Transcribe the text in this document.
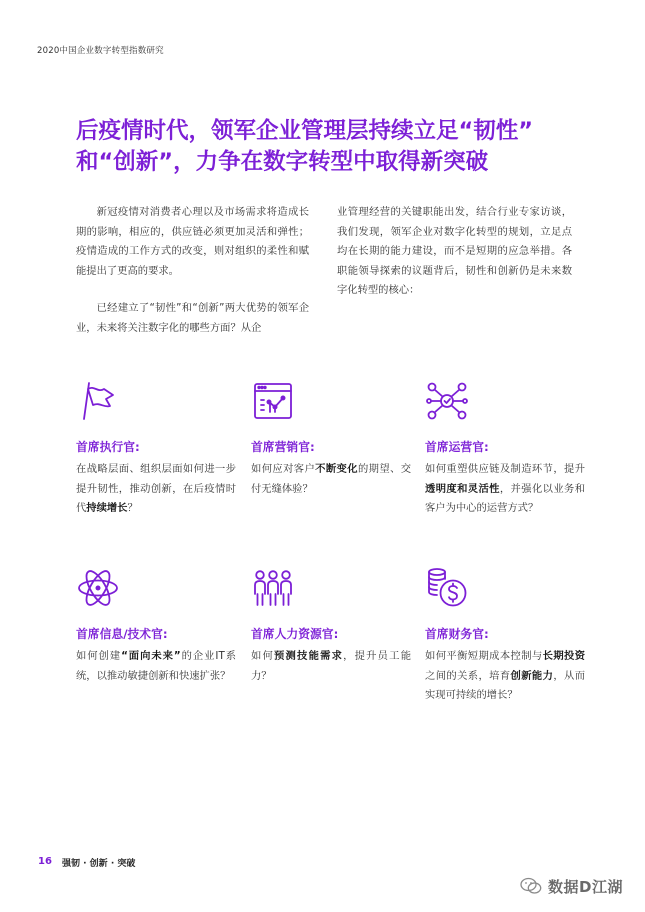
2020中国企业数字转型指数研究
后疫情时代，领军企业管理层持续立足“韧性”
和“创新”，力争在数字转型中取得新突破

新冠疫情对消费者心理以及市场需求将造成长期的影响，相应的，供应链必须更加灵活和弹性；疫情造成的工作方式的改变，则对组织的柔性和赋能提出了更高的要求。

已经建立了“韧性”和“创新”两大优势的领军企业，未来将关注数字化的哪些方面？从企

业管理经营的关键职能出发，结合行业专家访谈，我们发现，领军企业对数字化转型的规划，立足点均在长期的能力建设，而不是短期的应急举措。各职能领导探索的议题背后，韧性和创新仍是未来数字化转型的核心：

首席执行官:
在战略层面、组织层面如何进一步提升韧性，推动创新，在后疫情时代持续增长？
首席营销官:
如何应对客户不断变化的期望、交付无缝体验？
首席运营官:
如何重塑供应链及制造环节，提升透明度和灵活性，并强化以业务和客户为中心的运营方式？
首席信息/技术官:
如何创建“面向未来”的企业IT系统，以推动敏捷创新和快速扩张？
首席人力资源官:
如何预测技能需求，提升员工能力？
首席财务官:
如何平衡短期成本控制与长期投资之间的关系，培育创新能力，从而实现可持续的增长？
16 强韧 · 创新 · 突破
数据D江湖
